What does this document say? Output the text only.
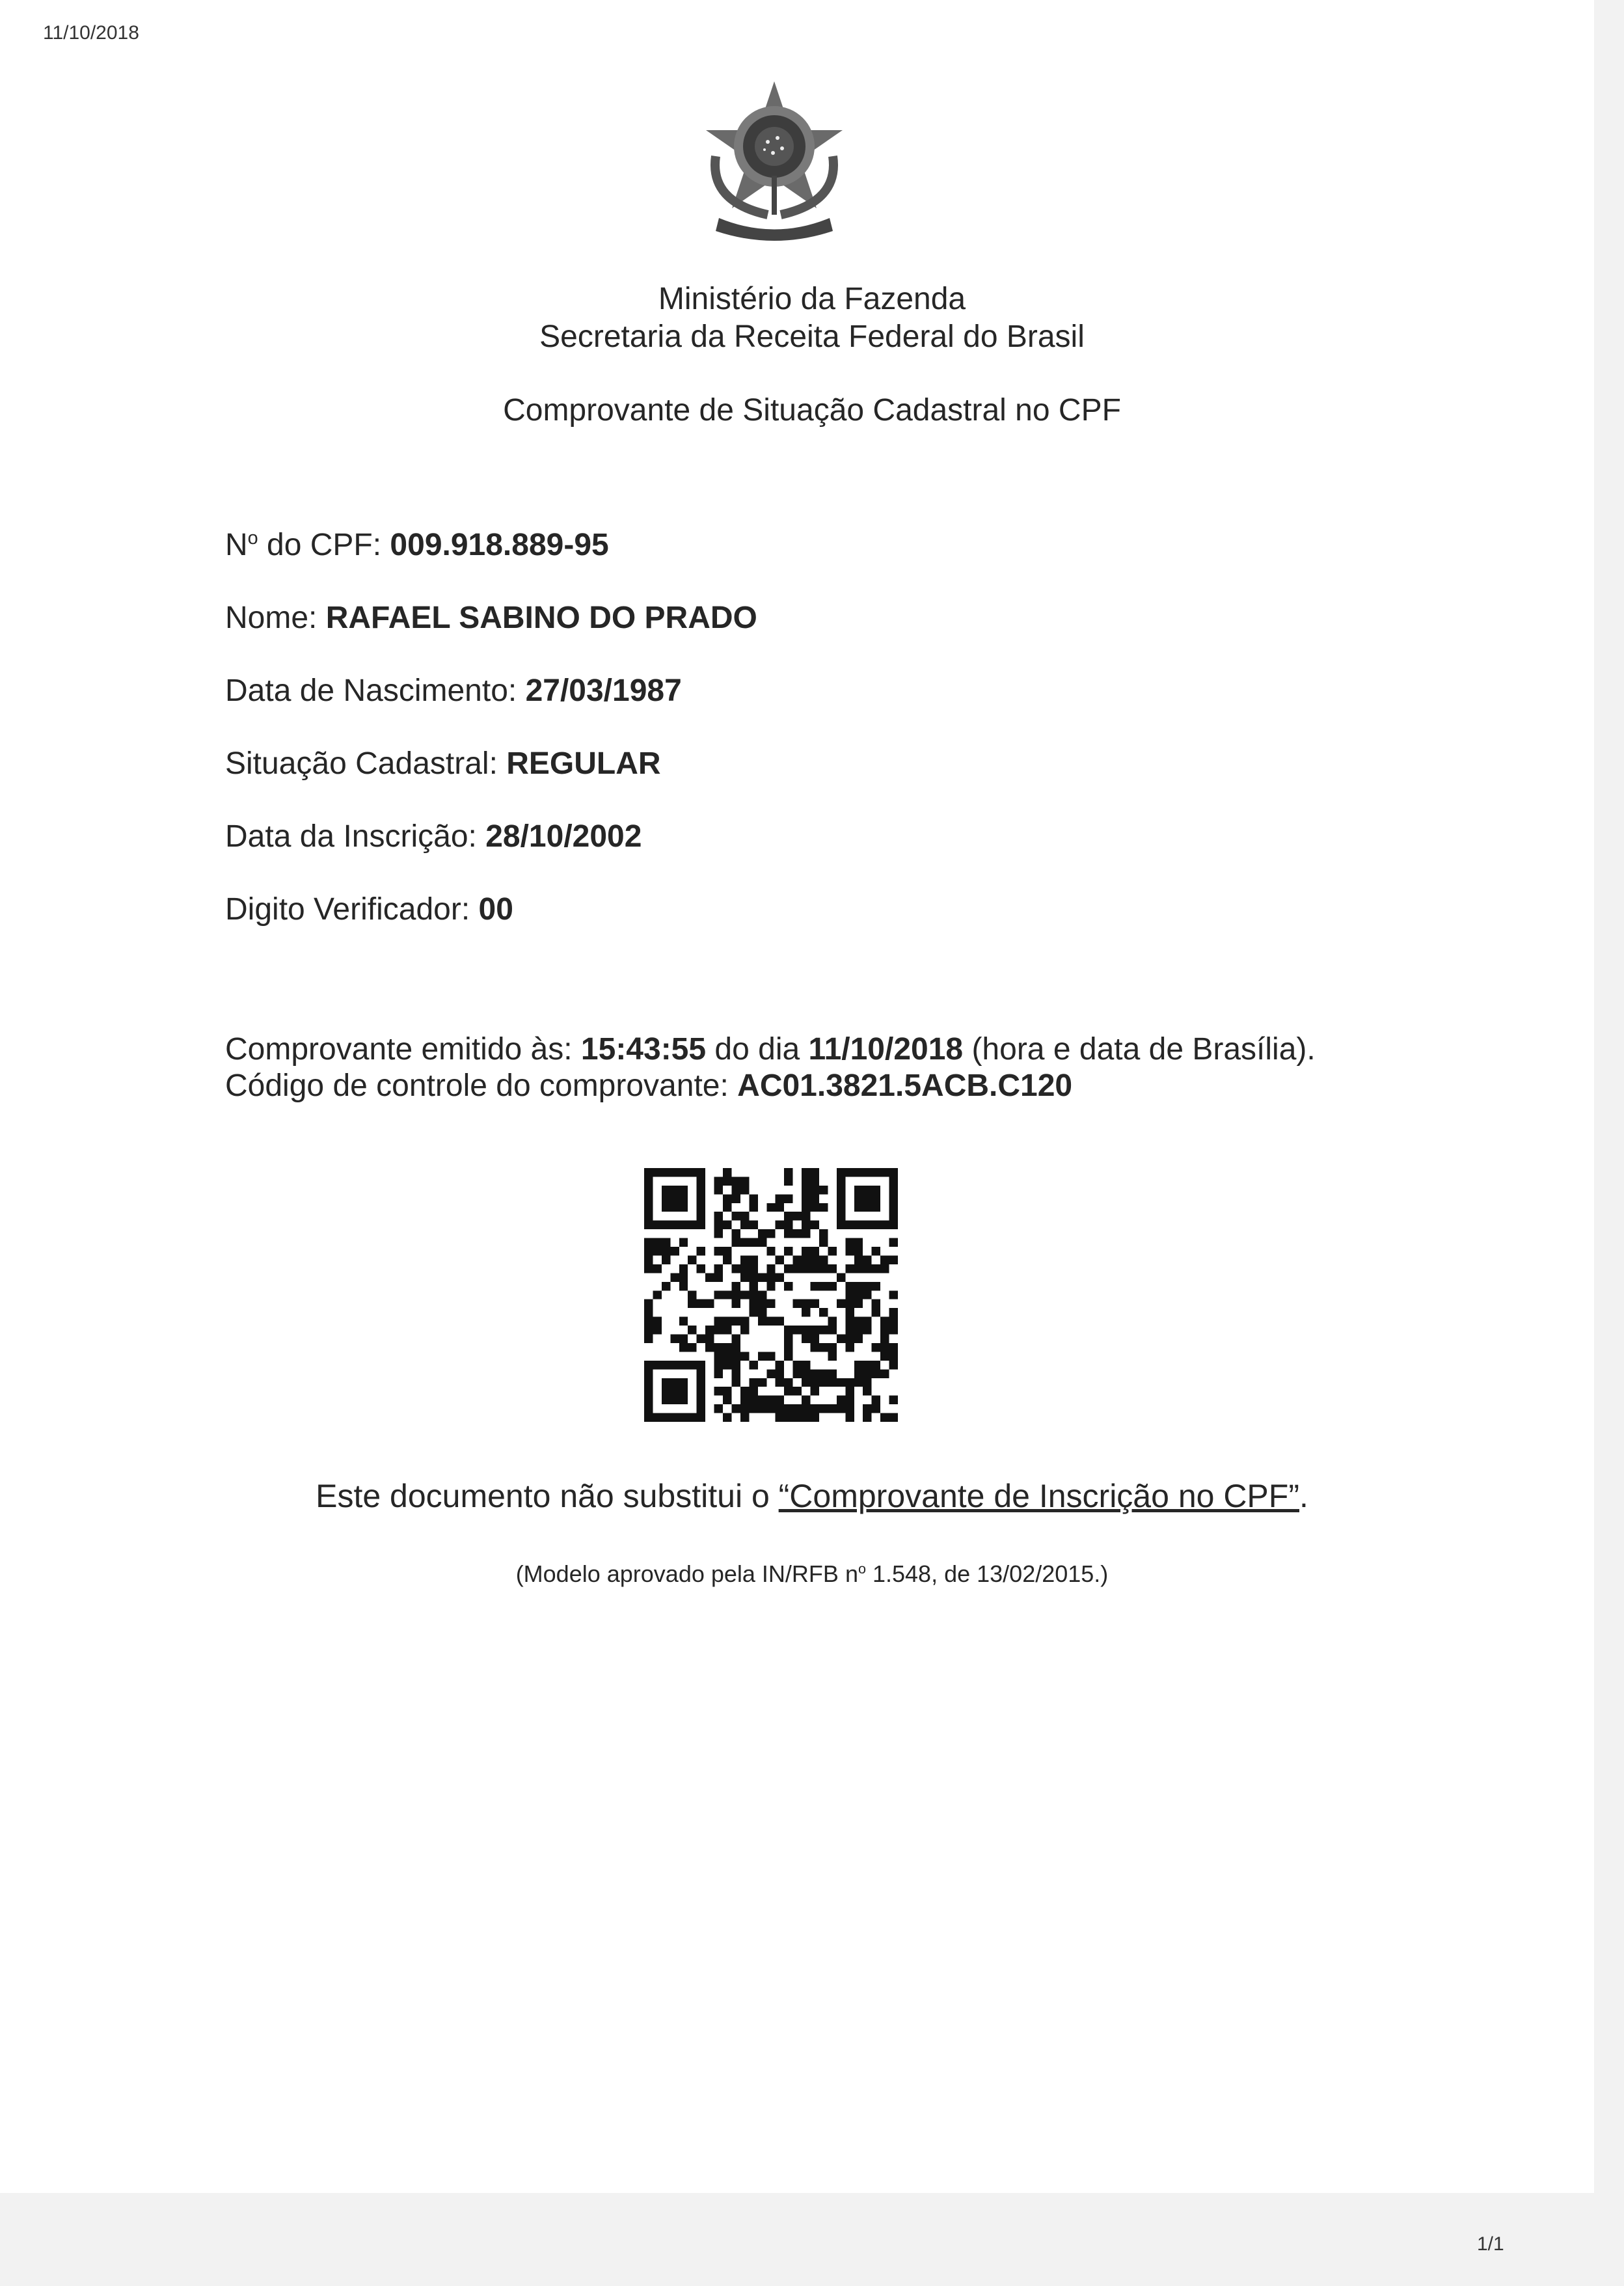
11/10/2018
Ministério da Fazenda
Secretaria da Receita Federal do Brasil
Comprovante de Situação Cadastral no CPF
$N^o$ do CPF: 009.918.889-95
Nome: RAFAEL SABINO DO PRADO
Data de Nascimento: 27/03/1987
Situação Cadastral: REGULAR
Data da Inscrição: 28/10/2002
Digito Verificador: 00
Comprovante emitido às: 15:43:55 do dia 11/10/2018 (hora e data de Brasília).
Código de controle do comprovante: AC01.3821.5ACB.C120
Este documento não substitui o “Comprovante de Inscrição no CPF”.
(Modelo aprovado pela IN/RFB $n^o$ 1.548, de 13/02/2015.)
1/1
